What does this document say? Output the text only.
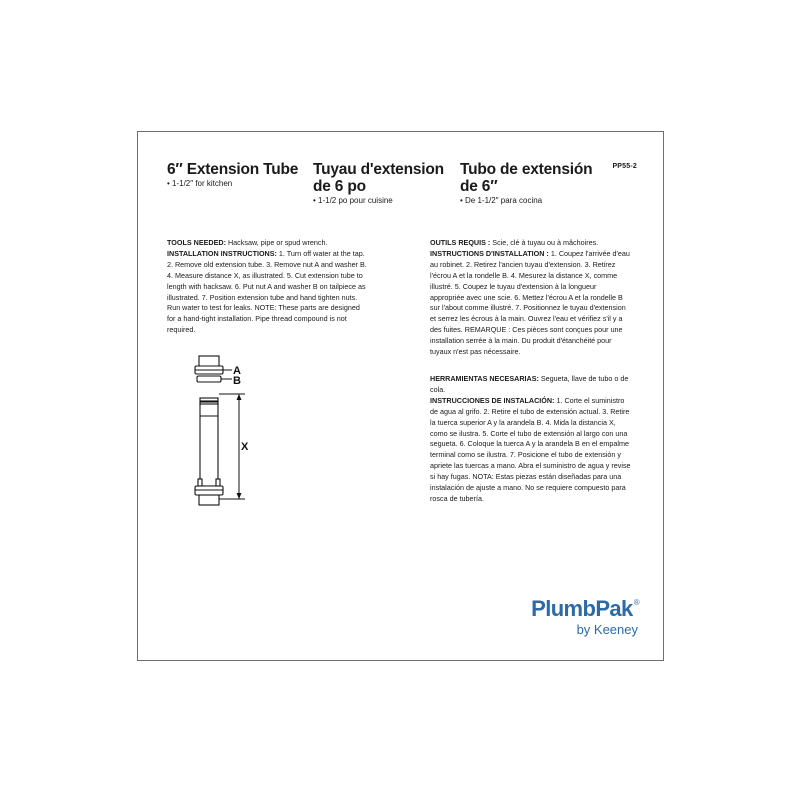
6″ Extension Tube
• 1-1/2″ for kitchen
Tuyau d'extension
de 6 po
• 1-1/2 po pour cuisine
Tubo de extensión
de 6″
• De 1-1/2″ para cocina
PP55-2
TOOLS NEEDED: Hacksaw, pipe or spud wrench.
INSTALLATION INSTRUCTIONS: 1. Turn off water at the tap. 2. Remove old extension tube. 3. Remove nut A and washer B. 4. Measure distance X, as illustrated. 5. Cut extension tube to length with hacksaw. 6. Put nut A and washer B on tailpiece as illustrated. 7. Position extension tube and hand tighten nuts. Run water to test for leaks. NOTE: These parts are designed for a hand-tight installation. Pipe thread compound is not required.
OUTILS REQUIS : Scie, clé à tuyau ou à mâchoires.
INSTRUCTIONS D'INSTALLATION : 1. Coupez l'arrivée d'eau au robinet. 2. Retirez l'ancien tuyau d'extension. 3. Retirez l'écrou A et la rondelle B. 4. Mesurez la distance X, comme illustré. 5. Coupez le tuyau d'extension à la longueur appropriée avec une scie. 6. Mettez l'écrou A et la rondelle B sur l'about comme illustré. 7. Positionnez le tuyau d'extension et serrez les écrous à la main. Ouvrez l'eau et vérifiez s'il y a des fuites. REMARQUE : Ces pièces sont conçues pour une installation serrée à la main. Du produit d'étanchéité pour tuyaux n'est pas nécessaire.
HERRAMIENTAS NECESARIAS: Segueta, llave de tubo o de cola.
INSTRUCCIONES DE INSTALACIÓN: 1. Corte el suministro de agua al grifo. 2. Retire el tubo de extensión actual. 3. Retire la tuerca superior A y la arandela B. 4. Mida la distancia X, como se ilustra. 5. Corte el tubo de extensión al largo con una segueta. 6. Coloque la tuerca A y la arandela B en el empalme terminal como se ilustra. 7. Posicione el tubo de extensión y apriete las tuercas a mano. Abra el suministro de agua y revise si hay fugas. NOTA: Estas piezas están diseñadas para una instalación de ajuste a mano. No se requiere compuesto para rosca de tubería.
A
B
X
PlumbPak®
by Keeney
